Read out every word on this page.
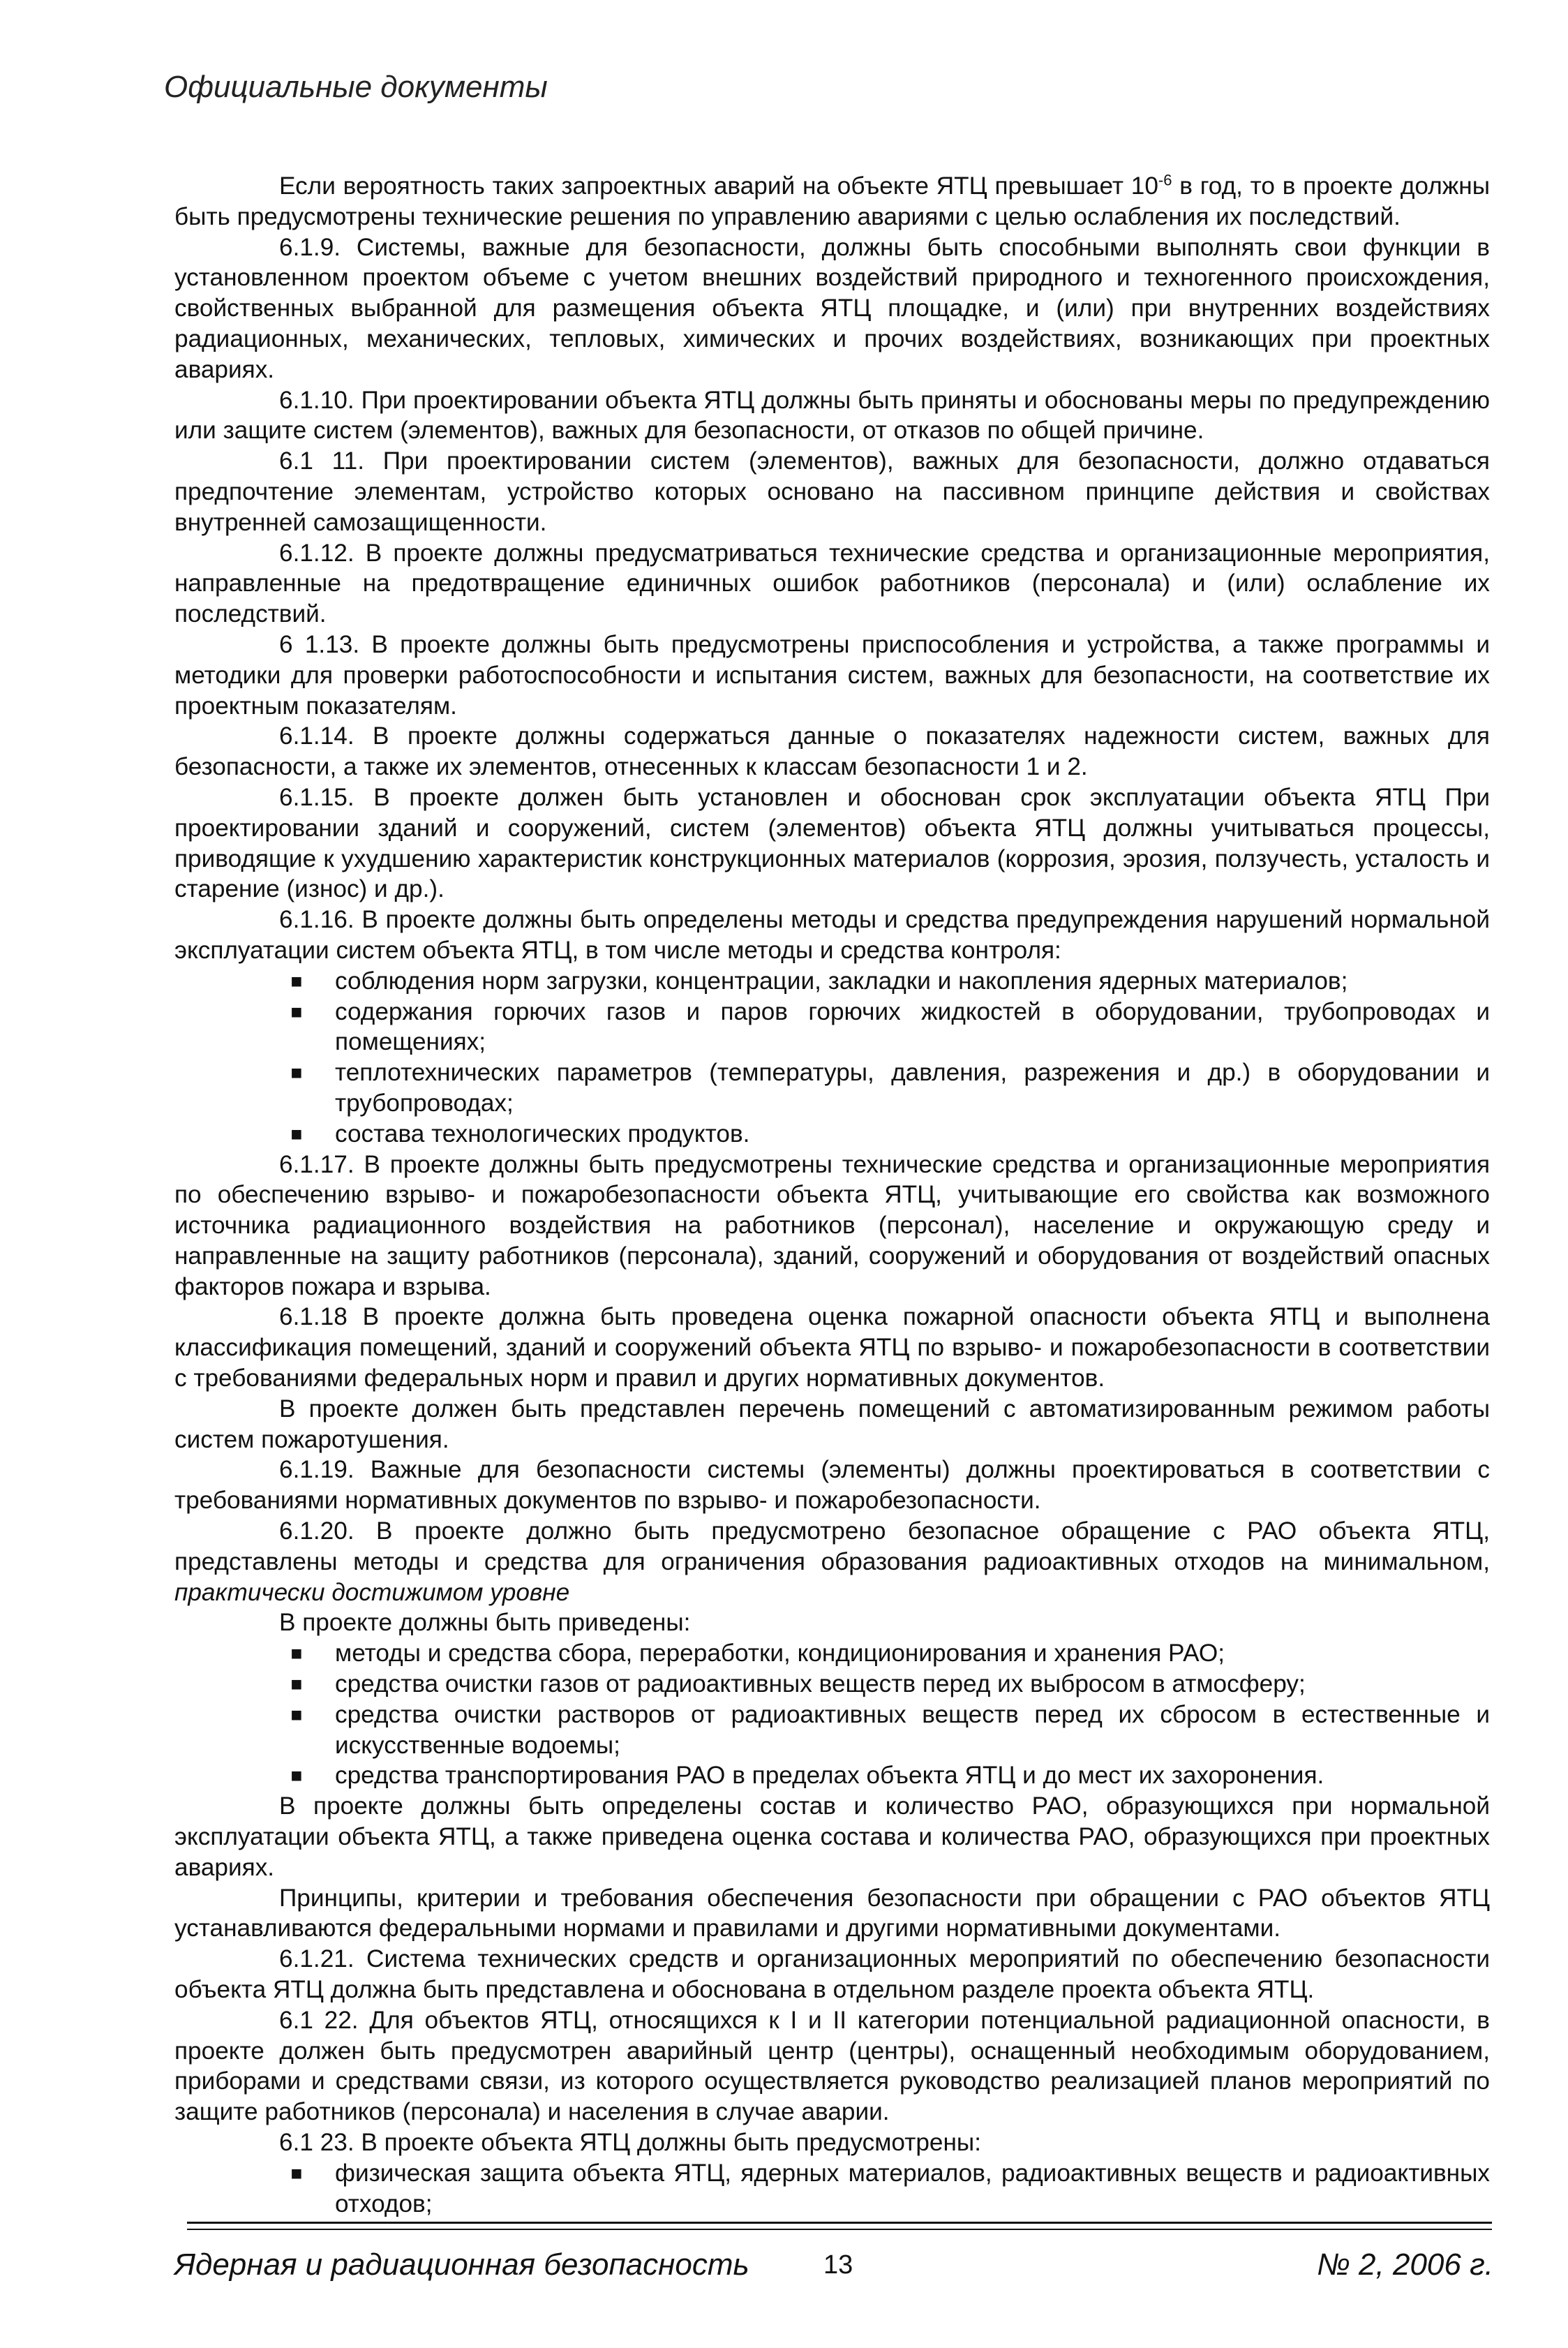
Официальные документы

Если вероятность таких запроектных аварий на объекте ЯТЦ превышает $10^{-6}$ в год, то в проекте должны быть предусмотрены технические решения по управлению авариями с целью ослабления их последствий.

6.1.9. Системы, важные для безопасности, должны быть способными выполнять свои функции в установленном проектом объеме с учетом внешних воздействий природного и техногенного происхождения, свойственных выбранной для размещения объекта ЯТЦ площадке, и (или) при внутренних воздействиях радиационных, механических, тепловых, химических и прочих воздействиях, возникающих при проектных авариях.

6.1.10. При проектировании объекта ЯТЦ должны быть приняты и обоснованы меры по предупреждению или защите систем (элементов), важных для безопасности, от отказов по общей причине.

6.1 11. При проектировании систем (элементов), важных для безопасности, должно отдаваться предпочтение элементам, устройство которых основано на пассивном принципе действия и свойствах внутренней самозащищенности.

6.1.12. В проекте должны предусматриваться технические средства и организационные мероприятия, направленные на предотвращение единичных ошибок работников (персонала) и (или) ослабление их последствий.

6 1.13. В проекте должны быть предусмотрены приспособления и устройства, а также программы и методики для проверки работоспособности и испытания систем, важных для безопасности, на соответствие их проектным показателям.

6.1.14. В проекте должны содержаться данные о показателях надежности систем, важных для безопасности, а также их элементов, отнесенных к классам безопасности 1 и 2.

6.1.15. В проекте должен быть установлен и обоснован срок эксплуатации объекта ЯТЦ При проектировании зданий и сооружений, систем (элементов) объекта ЯТЦ должны учитываться процессы, приводящие к ухудшению характеристик конструкционных материалов (коррозия, эрозия, ползучесть, усталость и старение (износ) и др.).

6.1.16. В проекте должны быть определены методы и средства предупреждения нарушений нормальной эксплуатации систем объекта ЯТЦ, в том числе методы и средства контроля:

■ соблюдения норм загрузки, концентрации, закладки и накопления ядерных материалов;
■ содержания горючих газов и паров горючих жидкостей в оборудовании, трубопроводах и помещениях;
■ теплотехнических параметров (температуры, давления, разрежения и др.) в оборудовании и трубопроводах;
■ состава технологических продуктов.

6.1.17. В проекте должны быть предусмотрены технические средства и организационные мероприятия по обеспечению взрыво- и пожаробезопасности объекта ЯТЦ, учитывающие его свойства как возможного источника радиационного воздействия на работников (персонал), население и окружающую среду и направленные на защиту работников (персонала), зданий, сооружений и оборудования от воздействий опасных факторов пожара и взрыва.

6.1.18 В проекте должна быть проведена оценка пожарной опасности объекта ЯТЦ и выполнена классификация помещений, зданий и сооружений объекта ЯТЦ по взрыво- и пожаробезопасности в соответствии с требованиями федеральных норм и правил и других нормативных документов.

В проекте должен быть представлен перечень помещений с автоматизированным режимом работы систем пожаротушения.

6.1.19. Важные для безопасности системы (элементы) должны проектироваться в соответствии с требованиями нормативных документов по взрыво- и пожаробезопасности.

6.1.20. В проекте должно быть предусмотрено безопасное обращение с РАО объекта ЯТЦ, представлены методы и средства для ограничения образования радиоактивных отходов на минимальном, практически достижимом уровне

В проекте должны быть приведены:

■ методы и средства сбора, переработки, кондиционирования и хранения РАО;
■ средства очистки газов от радиоактивных веществ перед их выбросом в атмосферу;
■ средства очистки растворов от радиоактивных веществ перед их сбросом в естественные и искусственные водоемы;
■ средства транспортирования РАО в пределах объекта ЯТЦ и до мест их захоронения.

В проекте должны быть определены состав и количество РАО, образующихся при нормальной эксплуатации объекта ЯТЦ, а также приведена оценка состава и количества РАО, образующихся при проектных авариях.

Принципы, критерии и требования обеспечения безопасности при обращении с РАО объектов ЯТЦ устанавливаются федеральными нормами и правилами и другими нормативными документами.

6.1.21. Система технических средств и организационных мероприятий по обеспечению безопасности объекта ЯТЦ должна быть представлена и обоснована в отдельном разделе проекта объекта ЯТЦ.

6.1 22. Для объектов ЯТЦ, относящихся к I и II категории потенциальной радиационной опасности, в проекте должен быть предусмотрен аварийный центр (центры), оснащенный необходимым оборудованием, приборами и средствами связи, из которого осуществляется руководство реализацией планов мероприятий по защите работников (персонала) и населения в случае аварии.

6.1 23. В проекте объекта ЯТЦ должны быть предусмотрены:

■ физическая защита объекта ЯТЦ, ядерных материалов, радиоактивных веществ и радиоактивных отходов;
Ядерная и радиационная безопасность	13	№ 2, 2006 г.
